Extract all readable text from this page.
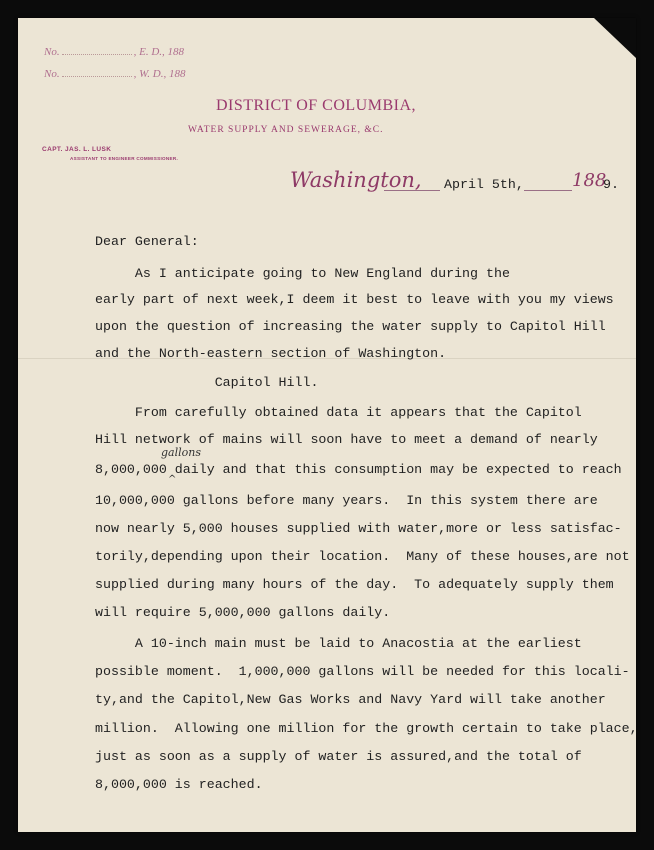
No.	, E. D., 188
No.	, W. D., 188
DISTRICT OF COLUMBIA,
WATER SUPPLY AND SEWERAGE, &C.
CAPT. JAS. L. LUSK
ASSISTANT TO ENGINEER COMMISSIONER.
Washington, April 5th,	188
9.
Dear General:
As I anticipate going to New England during the
early part of next week,I deem it best to leave with you my views
upon the question of increasing the water supply to Capitol Hill
and the North-eastern section of Washington.
Capitol Hill.
From carefully obtained data it appears that the Capitol
Hill network of mains will soon have to meet a demand of nearly
gallons
8,000,000 daily and that this consumption may be expected to reach
^
10,000,000 gallons before many years.  In this system there are
now nearly 5,000 houses supplied with water,more or less satisfac-
torily,depending upon their location.  Many of these houses,are not
supplied during many hours of the day.  To adequately supply them
will require 5,000,000 gallons daily.
A 10-inch main must be laid to Anacostia at the earliest
possible moment.  1,000,000 gallons will be needed for this locali-
ty,and the Capitol,New Gas Works and Navy Yard will take another
million.  Allowing one million for the growth certain to take place,
just as soon as a supply of water is assured,and the total of
8,000,000 is reached.
